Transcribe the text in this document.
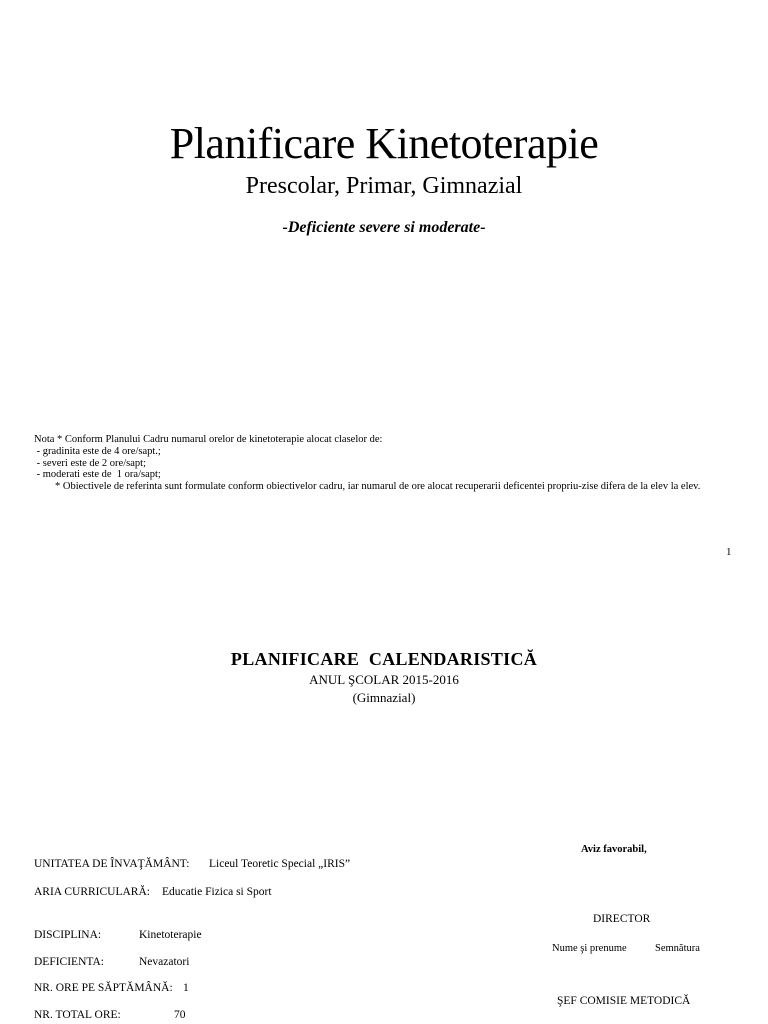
Planificare Kinetoterapie
Prescolar, Primar, Gimnazial
-Deficiente severe si moderate-
Nota * Conform Planului Cadru numarul orelor de kinetoterapie alocat claselor de:
- gradinita este de 4 ore/sapt.;
- severi este de 2 ore/sapt;
- moderati este de  1 ora/sapt;
* Obiectivele de referinta sunt formulate conform obiectivelor cadru, iar numarul de ore alocat recuperarii deficentei propriu-zise difera de la elev la elev.
1
PLANIFICARE  CALENDARISTICĂ
ANUL ŞCOLAR 2015-2016
(Gimnazial)
UNITATEA DE ÎNVAŢĂMÂNT: Liceul Teoretic Special „IRIS”
ARIA CURRICULARĂ: Educatie Fizica si Sport
DISCIPLINA:	Kinetoterapie
DEFICIENTA:	Nevazatori
NR. ORE PE SĂPTĂMÂNĂ: 1
NR. TOTAL ORE:	70
Aviz favorabil,
DIRECTOR
Nume şi prenume	Semnătura
ŞEF COMISIE METODICĂ
